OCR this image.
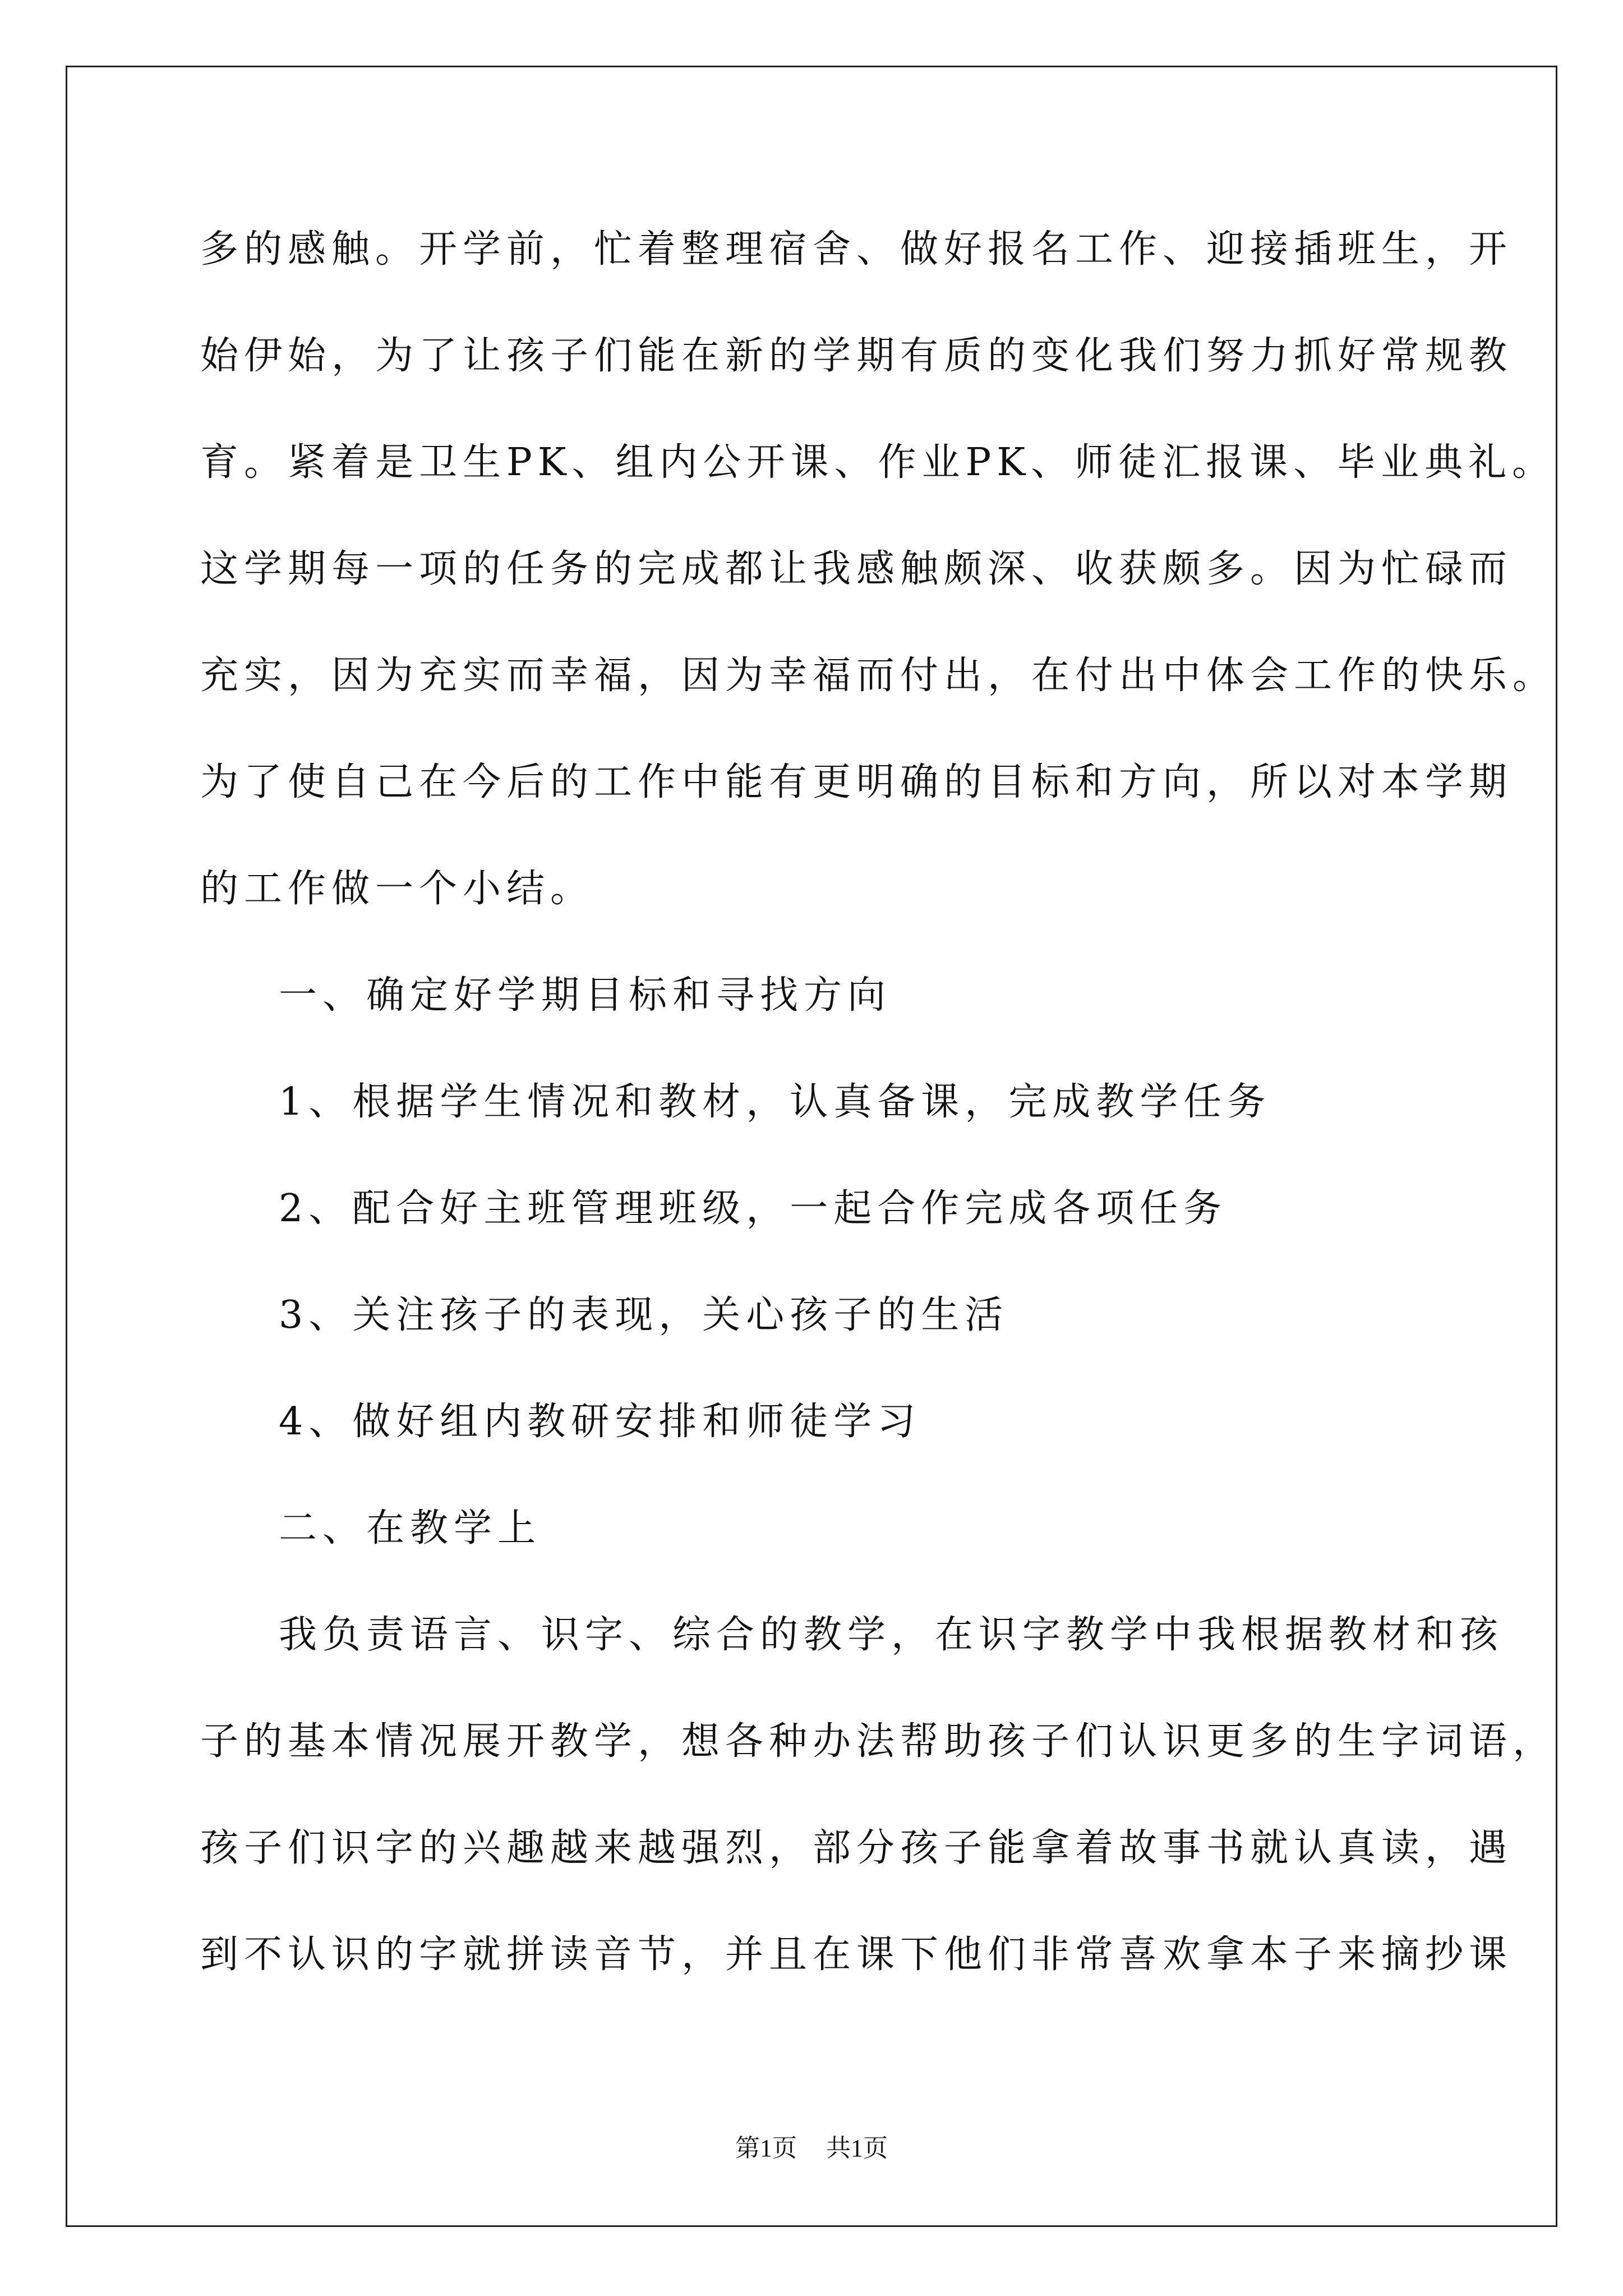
多的感触。开学前，忙着整理宿舍、做好报名工作、迎接插班生，开
始伊始，为了让孩子们能在新的学期有质的变化我们努力抓好常规教
育。紧着是卫生PK、组内公开课、作业PK、师徒汇报课、毕业典礼。
这学期每一项的任务的完成都让我感触颇深、收获颇多。因为忙碌而
充实，因为充实而幸福，因为幸福而付出，在付出中体会工作的快乐。
为了使自己在今后的工作中能有更明确的目标和方向，所以对本学期
的工作做一个小结。
一、确定好学期目标和寻找方向
1、根据学生情况和教材，认真备课，完成教学任务
2、配合好主班管理班级，一起合作完成各项任务
3、关注孩子的表现，关心孩子的生活
4、做好组内教研安排和师徒学习
二、在教学上
我负责语言、识字、综合的教学，在识字教学中我根据教材和孩
子的基本情况展开教学，想各种办法帮助孩子们认识更多的生字词语，
孩子们识字的兴趣越来越强烈，部分孩子能拿着故事书就认真读，遇
到不认识的字就拼读音节，并且在课下他们非常喜欢拿本子来摘抄课
第1页 共1页
